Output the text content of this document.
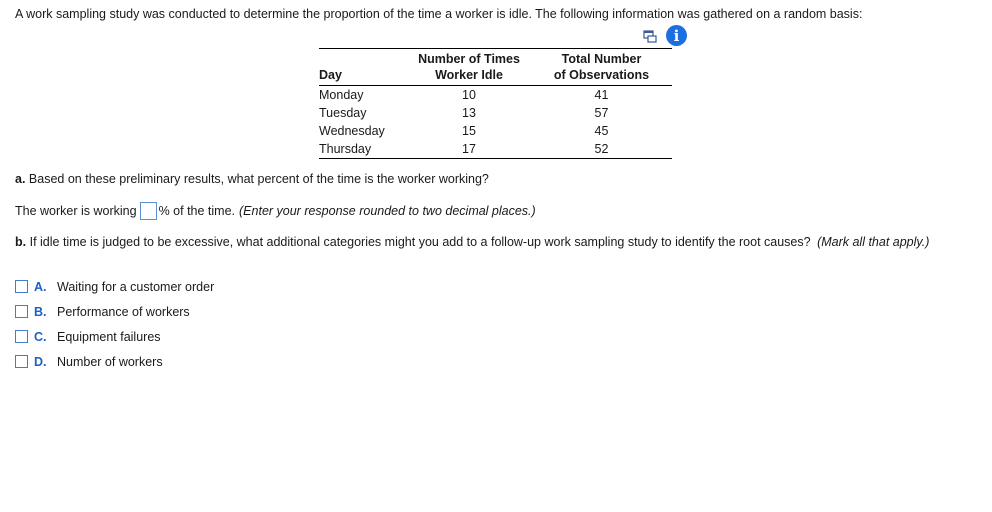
A work sampling study was conducted to determine the proportion of the time a worker is idle. The following information was gathered on a random basis:
i
	Number of Times	Total Number
Day	Worker Idle	of Observations
Monday	10	41
Tuesday	13	57
Wednesday	15	45
Thursday	17	52
a. Based on these preliminary results, what percent of the time is the worker working?
The worker is working % of the time. (Enter your response rounded to two decimal places.)
b. If idle time is judged to be excessive, what additional categories might you add to a follow-up work sampling study to identify the root causes? (Mark all that apply.)
A. Waiting for a customer order
B. Performance of workers
C. Equipment failures
D. Number of workers
